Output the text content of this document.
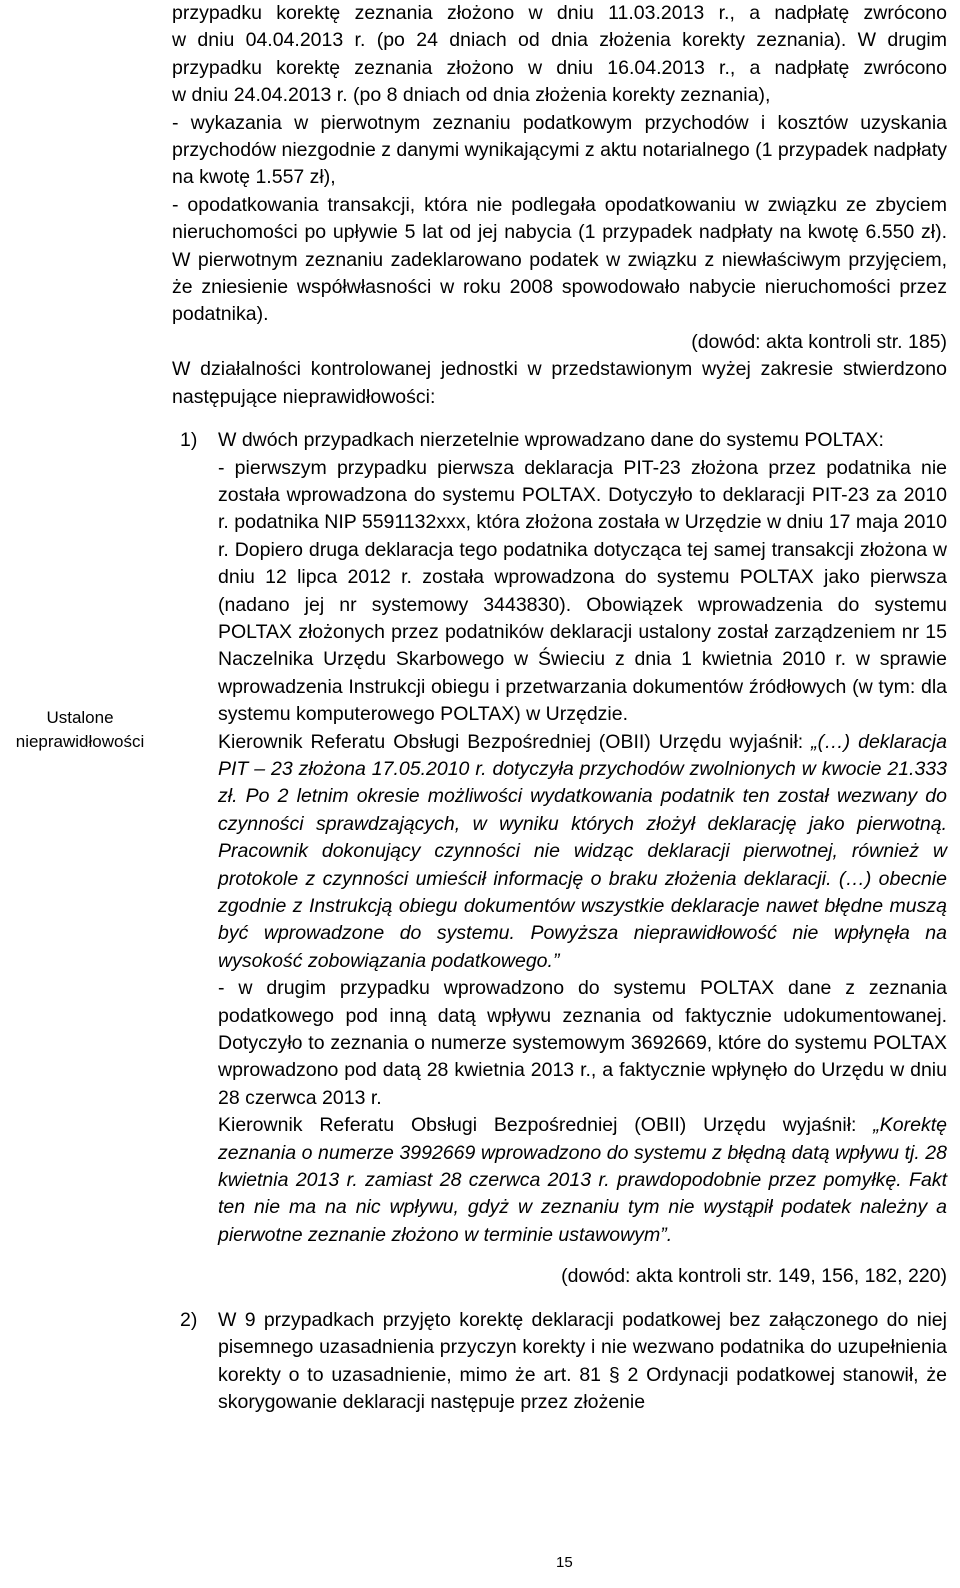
Ustalone
nieprawidłowości

przypadku korektę zeznania złożono w dniu 11.03.2013 r., a nadpłatę zwrócono

w dniu 04.04.2013 r. (po 24 dniach od dnia złożenia korekty zeznania). W drugim

przypadku korektę zeznania złożono w dniu 16.04.2013 r., a nadpłatę zwrócono

w dniu 24.04.2013 r. (po 8 dniach od dnia złożenia korekty zeznania),

- wykazania w pierwotnym zeznaniu podatkowym przychodów i kosztów uzyskania przychodów niezgodnie z danymi wynikającymi z aktu notarialnego (1 przypadek nadpłaty na kwotę 1.557 zł),

- opodatkowania transakcji, która nie podlegała opodatkowaniu w związku ze zbyciem nieruchomości po upływie 5 lat od jej nabycia (1 przypadek nadpłaty na kwotę 6.550 zł). W pierwotnym zeznaniu zadeklarowano podatek w związku z niewłaściwym przyjęciem, że zniesienie współwłasności w roku 2008 spowodowało nabycie nieruchomości przez podatnika).

(dowód: akta kontroli str. 185)

W działalności kontrolowanej jednostki w przedstawionym wyżej zakresie stwierdzono następujące nieprawidłowości:

1) W dwóch przypadkach nierzetelnie wprowadzano dane do systemu POLTAX:

- pierwszym przypadku pierwsza deklaracja PIT-23 złożona przez podatnika nie została wprowadzona do systemu POLTAX. Dotyczyło to deklaracji PIT-23 za 2010 r. podatnika NIP 5591132xxx, która złożona została w Urzędzie w dniu 17 maja 2010 r. Dopiero druga deklaracja tego podatnika dotycząca tej samej transakcji złożona w dniu 12 lipca 2012 r. została wprowadzona do systemu POLTAX jako pierwsza (nadano jej nr systemowy 3443830). Obowiązek wprowadzenia do systemu POLTAX złożonych przez podatników deklaracji ustalony został zarządzeniem nr 15 Naczelnika Urzędu Skarbowego w Świeciu z dnia 1 kwietnia 2010 r. w sprawie wprowadzenia Instrukcji obiegu i przetwarzania dokumentów źródłowych (w tym: dla systemu komputerowego POLTAX) w Urzędzie.

Kierownik Referatu Obsługi Bezpośredniej (OBII) Urzędu wyjaśnił: „(…) deklaracja PIT – 23 złożona 17.05.2010 r. dotyczyła przychodów zwolnionych w kwocie 21.333 zł. Po 2 letnim okresie możliwości wydatkowania podatnik ten został wezwany do czynności sprawdzających, w wyniku których złożył deklarację jako pierwotną. Pracownik dokonujący czynności nie widząc deklaracji pierwotnej, również w protokole z czynności umieścił informację o braku złożenia deklaracji. (…) obecnie zgodnie z Instrukcją obiegu dokumentów wszystkie deklaracje nawet błędne muszą być wprowadzone do systemu. Powyższa nieprawidłowość nie wpłynęła na wysokość zobowiązania podatkowego.”

- w drugim przypadku wprowadzono do systemu POLTAX dane z zeznania podatkowego pod inną datą wpływu zeznania od faktycznie udokumentowanej. Dotyczyło to zeznania o numerze systemowym 3692669, które do systemu POLTAX wprowadzono pod datą 28 kwietnia 2013 r., a faktycznie wpłynęło do Urzędu w dniu 28 czerwca 2013 r.

Kierownik Referatu Obsługi Bezpośredniej (OBII) Urzędu wyjaśnił: „Korektę zeznania o numerze 3992669 wprowadzono do systemu z błędną datą wpływu tj. 28 kwietnia 2013 r. zamiast 28 czerwca 2013 r. prawdopodobnie przez pomyłkę. Fakt ten nie ma na nic wpływu, gdyż w zeznaniu tym nie wystąpił podatek należny a pierwotne zeznanie złożono w terminie ustawowym”.

(dowód: akta kontroli str. 149, 156, 182, 220)

2) W 9 przypadkach przyjęto korektę deklaracji podatkowej bez załączonego do niej pisemnego uzasadnienia przyczyn korekty i nie wezwano podatnika do uzupełnienia korekty o to uzasadnienie, mimo że art. 81 § 2 Ordynacji podatkowej stanowił, że skorygowanie deklaracji następuje przez złożenie

15
